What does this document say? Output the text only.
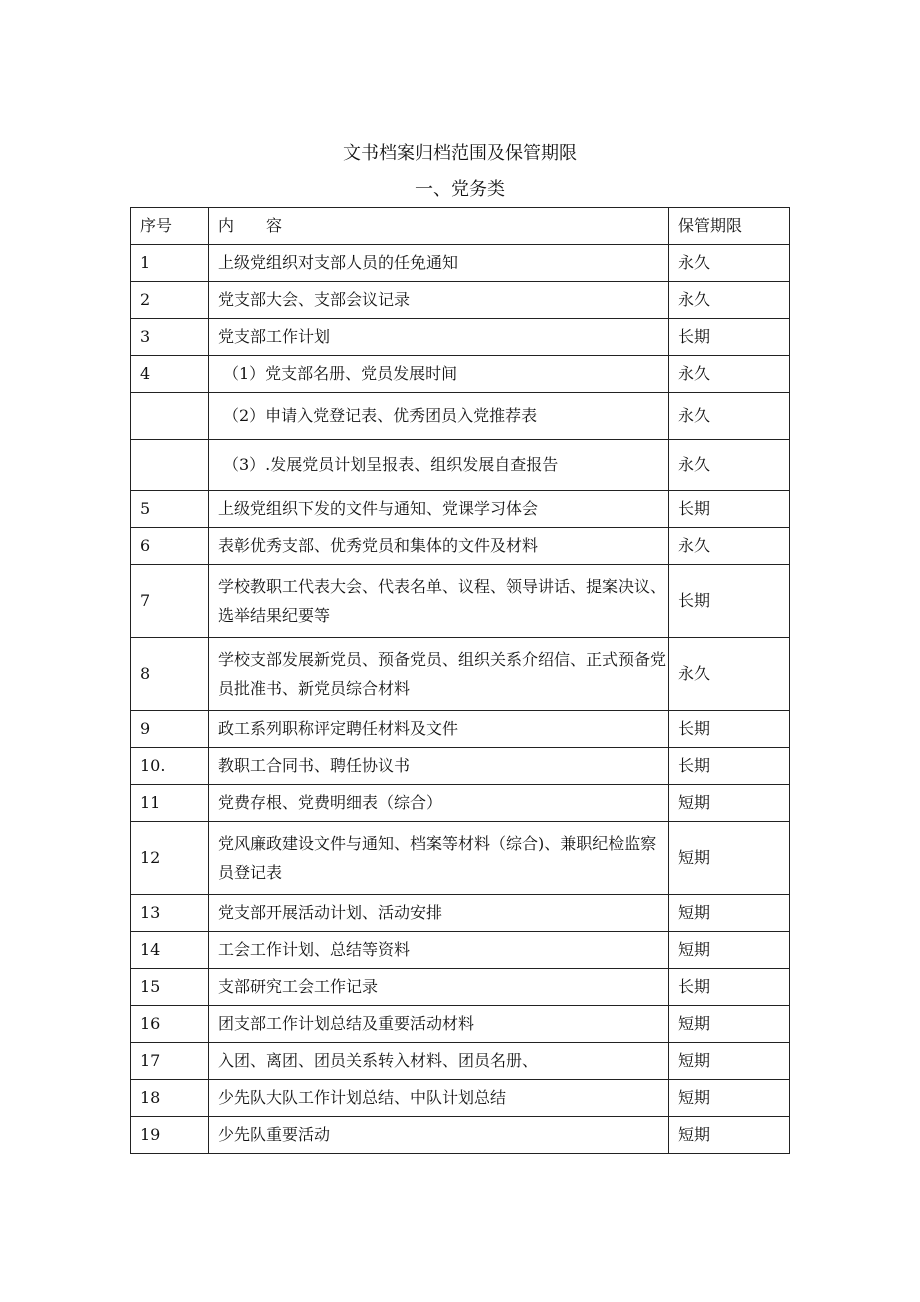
文书档案归档范围及保管期限
一、党务类
序号	内　　容	保管期限
1	上级党组织对支部人员的任免通知	永久
2	党支部大会、支部会议记录	永久
3	党支部工作计划	长期
4	（1）党支部名册、党员发展时间	永久
	（2）申请入党登记表、优秀团员入党推荐表	永久
	（3）.发展党员计划呈报表、组织发展自查报告	永久
5	上级党组织下发的文件与通知、党课学习体会	长期
6	表彰优秀支部、优秀党员和集体的文件及材料	永久
7	学校教职工代表大会、代表名单、议程、领导讲话、提案决议、选举结果纪要等	长期
8	学校支部发展新党员、预备党员、组织关系介绍信、正式预备党员批准书、新党员综合材料	永久
9	政工系列职称评定聘任材料及文件	长期
10.	教职工合同书、聘任协议书	长期
11	党费存根、党费明细表（综合）	短期
12	党风廉政建设文件与通知、档案等材料（综合)、兼职纪检监察员登记表	短期
13	党支部开展活动计划、活动安排	短期
14	工会工作计划、总结等资料	短期
15	支部研究工会工作记录	长期
16	团支部工作计划总结及重要活动材料	短期
17	入团、离团、团员关系转入材料、团员名册、	短期
18	少先队大队工作计划总结、中队计划总结	短期
19	少先队重要活动	短期
